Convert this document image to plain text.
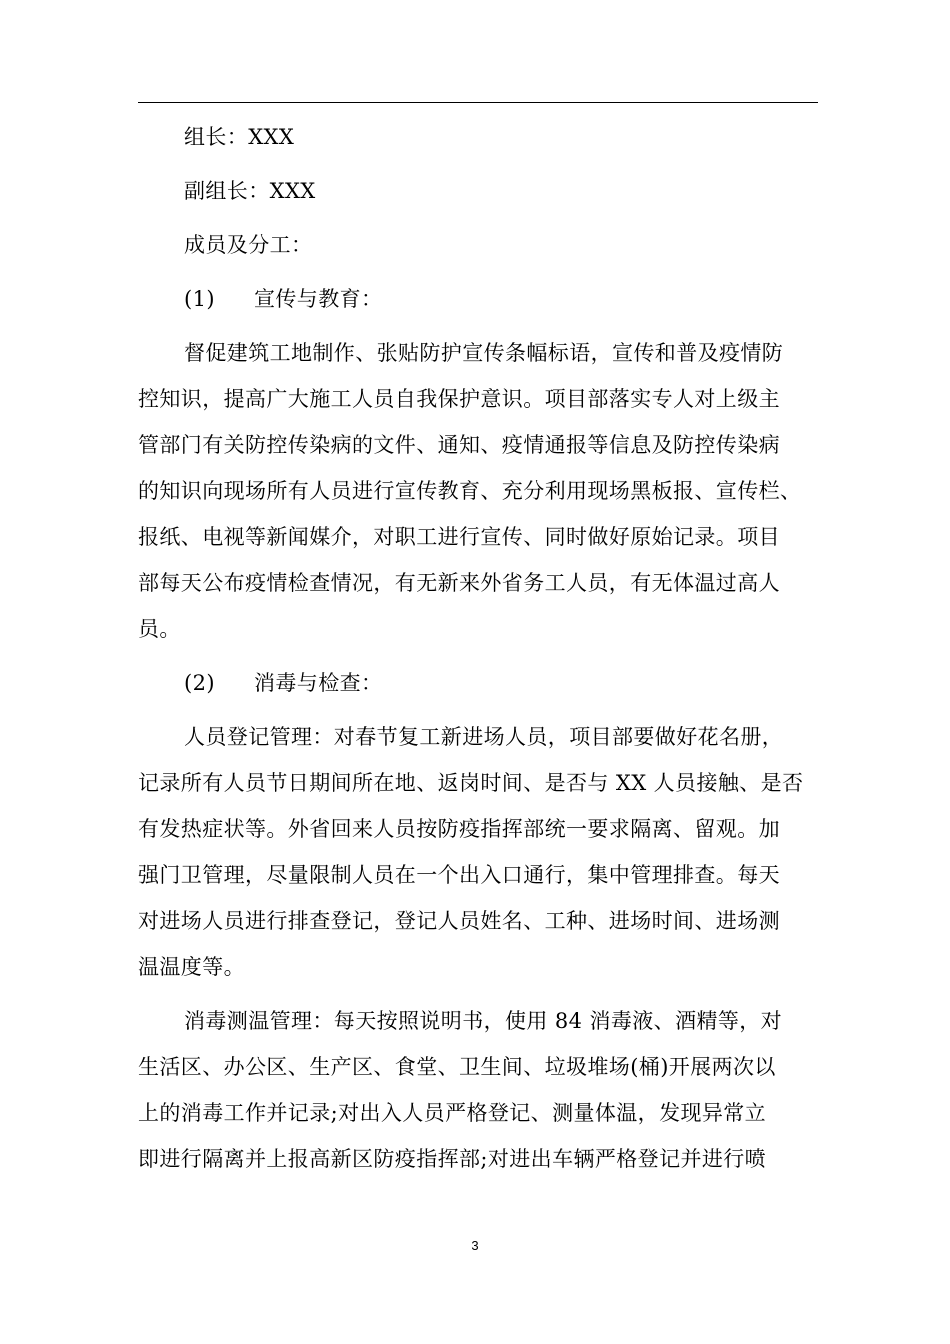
组长：XXX
副组长：XXX
成员及分工：
(1) 宣传与教育：
督促建筑工地制作、张贴防护宣传条幅标语，宣传和普及疫情防
控知识，提高广大施工人员自我保护意识。项目部落实专人对上级主
管部门有关防控传染病的文件、通知、疫情通报等信息及防控传染病
的知识向现场所有人员进行宣传教育、充分利用现场黑板报、宣传栏、
报纸、电视等新闻媒介，对职工进行宣传、同时做好原始记录。项目
部每天公布疫情检查情况，有无新来外省务工人员，有无体温过高人
员。
(2) 消毒与检查：
人员登记管理：对春节复工新进场人员，项目部要做好花名册，
记录所有人员节日期间所在地、返岗时间、是否与 XX 人员接触、是否
有发热症状等。外省回来人员按防疫指挥部统一要求隔离、留观。加
强门卫管理，尽量限制人员在一个出入口通行，集中管理排查。每天
对进场人员进行排查登记，登记人员姓名、工种、进场时间、进场测
温温度等。
消毒测温管理：每天按照说明书，使用 84 消毒液、酒精等，对
生活区、办公区、生产区、食堂、卫生间、垃圾堆场(桶)开展两次以
上的消毒工作并记录;对出入人员严格登记、测量体温，发现异常立
即进行隔离并上报高新区防疫指挥部;对进出车辆严格登记并进行喷
3
